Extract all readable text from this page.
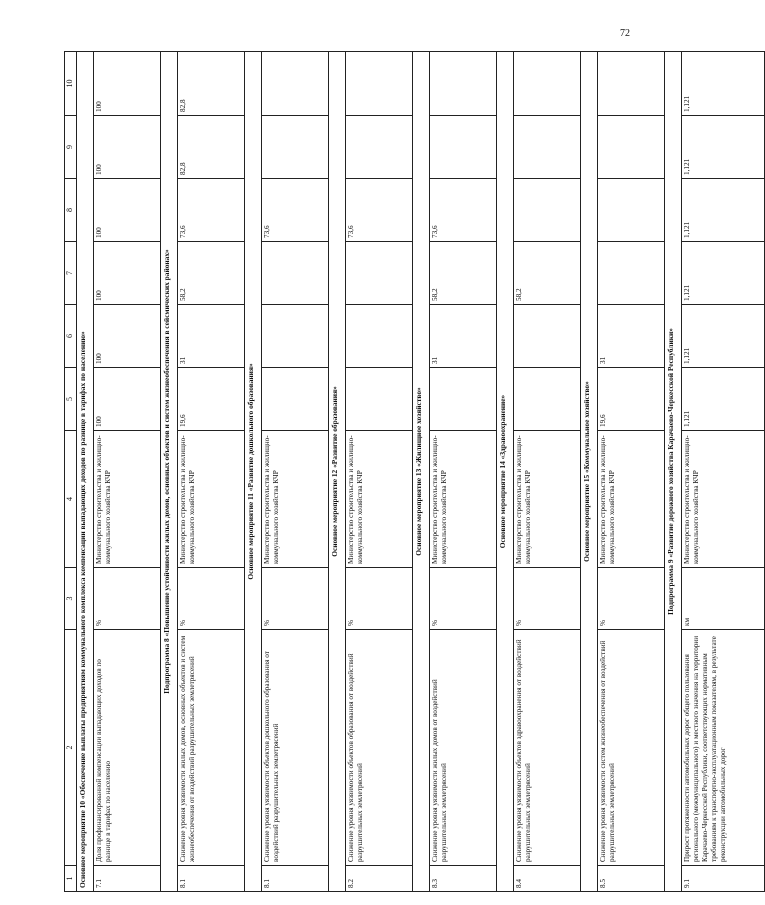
72
1	2	3	4	5	6	7	8	9	10
Основное мероприятие 10 «Обеспечение выплаты предприятиям коммунального комплекса компенсации выпадающих доходов по разнице в тарифах по населению»									
7.1	Доля профинансированной компенсации выпадающих доходов по разнице в тарифах по населению	%	Министерство строительства и жилищно-коммунального хозяйства КЧР	100	100	100	100	100	100
Подпрограмма 8 «Повышение устойчивости жилых домов, основных объектов и систем жизнеобеспечения в сейсмических районах»									
8.1	Снижение уровня уязвимости жилых домов, основных объектов и систем жизнеобеспечения от воздействий разрушительных землетрясений	%	Министерство строительства и жилищно-коммунального хозяйства КЧР	19,6	31	58,2	73,6	82,8	82,8
Основное мероприятие 11 «Развитие дошкольного образования»									
8.1	Снижение уровня уязвимости объектов дошкольного образования от воздействий разрушительных землетрясений	%	Министерство строительства и жилищно-коммунального хозяйства КЧР				73,6		
Основное мероприятие 12 «Развитие образования»									
8.2	Снижение уровня уязвимости объектов образования от воздействий разрушительных землетрясений	%	Министерство строительства и жилищно-коммунального хозяйства КЧР				73,6		
Основное мероприятие 13 «Жилищное хозяйство»									
8.3	Снижение уровня уязвимости жилых домов от воздействий разрушительных землетрясений	%	Министерство строительства и жилищно-коммунального хозяйства КЧР		31	58,2	73,6		
Основное мероприятие 14 «Здравоохранение»									
8.4	Снижение уровня уязвимости объектов здравоохранения от воздействий разрушительных землетрясений	%	Министерство строительства и жилищно-коммунального хозяйства КЧР			58,2			
Основное мероприятие 15 «Коммунальное хозяйство»									
8.5	Снижение уровня уязвимости систем жизнеобеспечения от воздействий разрушительных землетрясений	%	Министерство строительства и жилищно-коммунального хозяйства КЧР	19,6	31				
Подпрограмма 9 «Развитие дорожного хозяйства Карачаево-Черкесской Республики»									
9.1	Прирост протяженности автомобильных дорог общего пользования регионального (межмуниципального) и местного значения на территории Карачаево-Черкесской Республики, соответствующих нормативным требованиям к транспортно-эксплуатационным показателям, в результате реконструкции автомобильных дорог	км	Министерство строительства и жилищно-коммунального хозяйства КЧР	1,121	1,121	1,121	1,121	1,121	1,121
